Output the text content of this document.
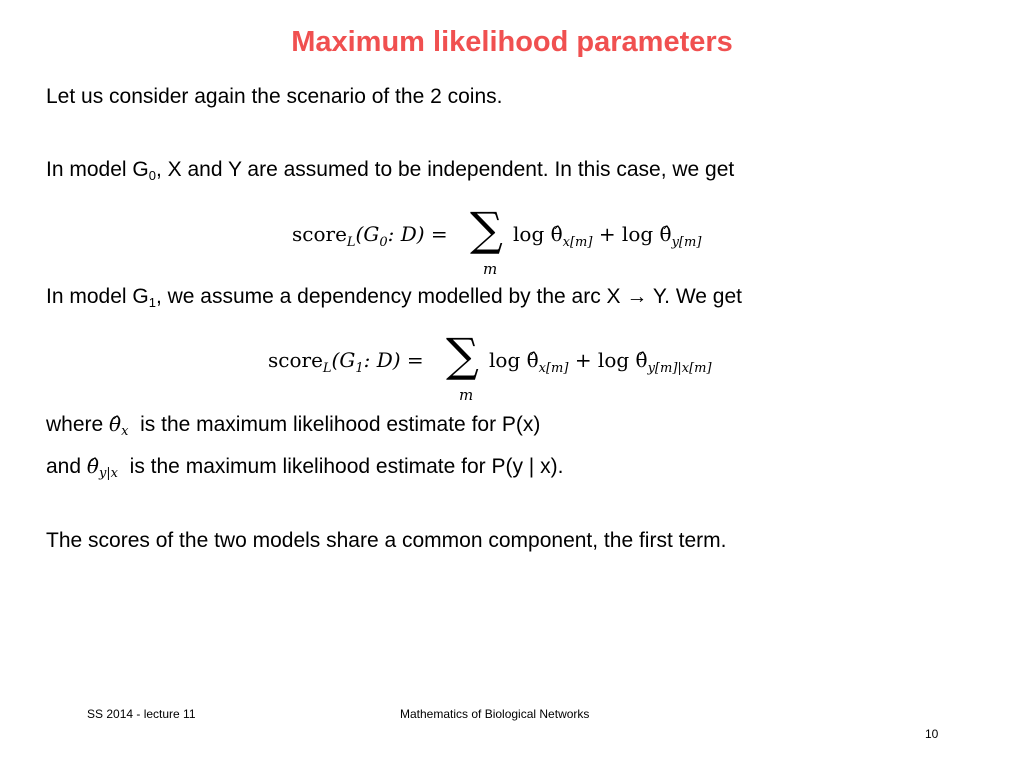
Maximum likelihood parameters
Let us consider again the scenario of the 2 coins.
In model $G_0$, X and Y are assumed to be independent. In this case, we get
$score_L(G_0$: D) = ∑
m
$\log \thetâ_{x[m]} + \log$ $\thetâ_{y[m]}$
In model $G_1$, we assume a dependency modelled by the arc X → Y. We get
$score_L(G_1$: D) = ∑
m
$\log \thetâ_{x[m]} + \log$ $\thetâ_{y[m]|x[m]}$
where $\thetâ_x$ is the maximum likelihood estimate for P(x)
and $\thetâ_{y|x}$ is the maximum likelihood estimate for P(y | x).
The scores of the two models share a common component, the first term.
SS 2014 - lecture 11	Mathematics of Biological Networks
10
